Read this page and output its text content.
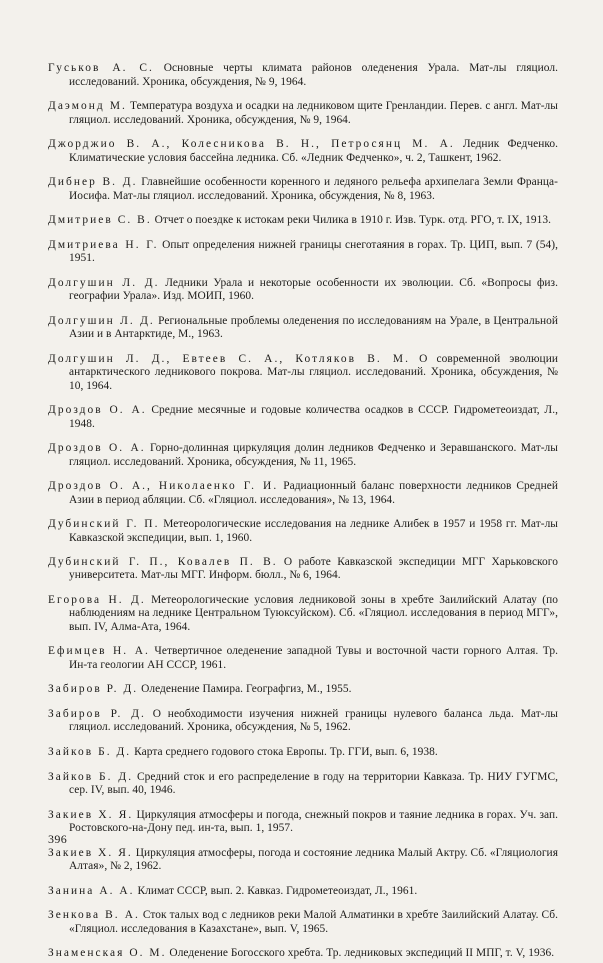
Гуськов А. С. Основные черты климата районов оледенения Урала. Мат-лы гляциол. исследований. Хроника, обсуждения, № 9, 1964.

Даэмонд М. Температура воздуха и осадки на ледниковом щите Гренландии. Перев. с англ. Мат-лы гляциол. исследований. Хроника, обсуждения, № 9, 1964.

Джорджио В. А., Колесникова В. Н., Петросянц М. А. Ледник Федченко. Климатические условия бассейна ледника. Сб. «Ледник Федченко», ч. 2, Ташкент, 1962.

Дибнер В. Д. Главнейшие особенности коренного и ледяного рельефа архипелага Земли Франца-Иосифа. Мат-лы гляциол. исследований. Хроника, обсуждения, № 8, 1963.

Дмитриев С. В. Отчет о поездке к истокам реки Чилика в 1910 г. Изв. Турк. отд. РГО, т. IX, 1913.

Дмитриева Н. Г. Опыт определения нижней границы снеготаяния в горах. Тр. ЦИП, вып. 7 (54), 1951.

Долгушин Л. Д. Ледники Урала и некоторые особенности их эволюции. Сб. «Вопросы физ. географии Урала». Изд. МОИП, 1960.

Долгушин Л. Д. Региональные проблемы оледенения по исследованиям на Урале, в Центральной Азии и в Антарктиде, М., 1963.

Долгушин Л. Д., Евтеев С. А., Котляков В. М. О современной эволюции антарктического ледникового покрова. Мат-лы гляциол. исследований. Хроника, обсуждения, № 10, 1964.

Дроздов О. А. Средние месячные и годовые количества осадков в СССР. Гидрометеоиздат, Л., 1948.

Дроздов О. А. Горно-долинная циркуляция долин ледников Федченко и Зеравшанского. Мат-лы гляциол. исследований. Хроника, обсуждения, № 11, 1965.

Дроздов О. А., Николаенко Г. И. Радиационный баланс поверхности ледников Средней Азии в период абляции. Сб. «Гляциол. исследования», № 13, 1964.

Дубинский Г. П. Метеорологические исследования на леднике Алибек в 1957 и 1958 гг. Мат-лы Кавказской экспедиции, вып. 1, 1960.

Дубинский Г. П., Ковалев П. В. О работе Кавказской экспедиции МГГ Харьковского университета. Мат-лы МГГ. Информ. бюлл., № 6, 1964.

Егорова Н. Д. Метеорологические условия ледниковой зоны в хребте Заилийский Алатау (по наблюдениям на леднике Центральном Туюксуйском). Сб. «Гляциол. исследования в период МГГ», вып. IV, Алма-Ата, 1964.

Ефимцев Н. А. Четвертичное оледенение западной Тувы и восточной части горного Алтая. Тр. Ин-та геологии АН СССР, 1961.

Забиров Р. Д. Оледенение Памира. Географгиз, М., 1955.

Забиров Р. Д. О необходимости изучения нижней границы нулевого баланса льда. Мат-лы гляциол. исследований. Хроника, обсуждения, № 5, 1962.

Зайков Б. Д. Карта среднего годового стока Европы. Тр. ГГИ, вып. 6, 1938.

Зайков Б. Д. Средний сток и его распределение в году на территории Кавказа. Тр. НИУ ГУГМС, сер. IV, вып. 40, 1946.

Закиев Х. Я. Циркуляция атмосферы и погода, снежный покров и таяние ледника в горах. Уч. зап. Ростовского-на-Дону пед. ин-та, вып. 1, 1957.

Закиев Х. Я. Циркуляция атмосферы, погода и состояние ледника Малый Актру. Сб. «Гляциология Алтая», № 2, 1962.

Занина А. А. Климат СССР, вып. 2. Кавказ. Гидрометеоиздат, Л., 1961.

Зенкова В. А. Сток талых вод с ледников реки Малой Алматинки в хребте Заилийский Алатау. Сб. «Гляциол. исследования в Казахстане», вып. V, 1965.

Знаменская О. М. Оледенение Богосского хребта. Тр. ледниковых экспедиций II МПГ, т. V, 1936.

396
